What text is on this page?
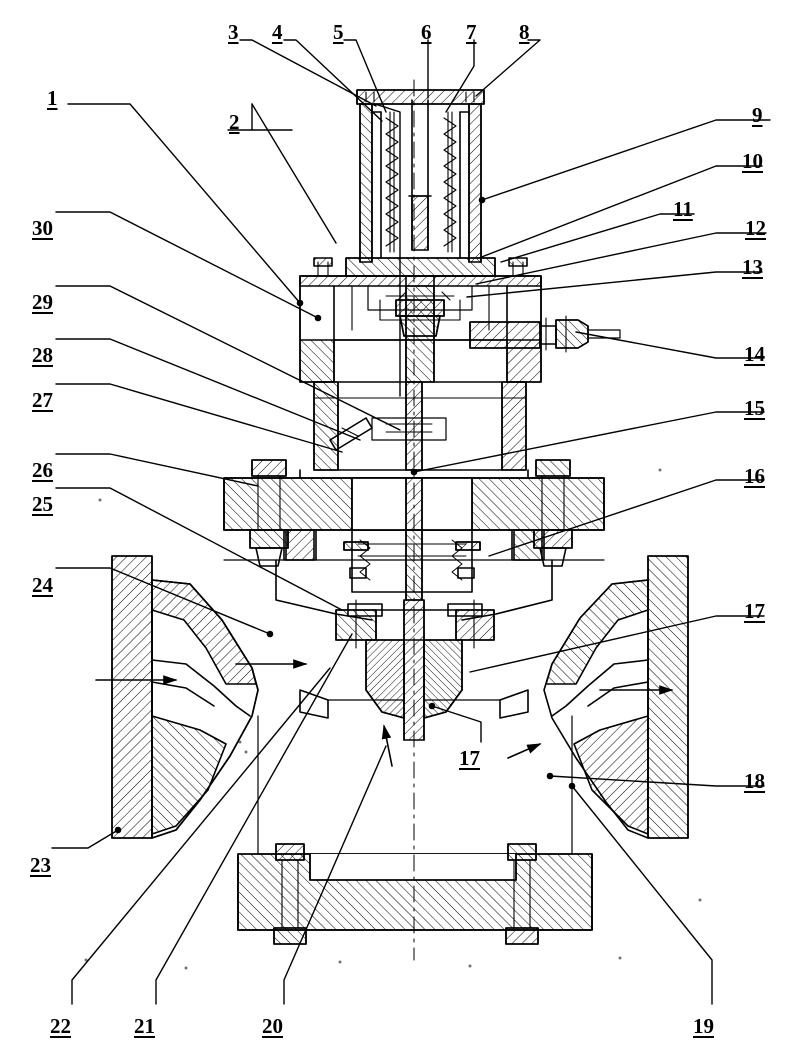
1
2
3 4 5	6 7 8
9
10
11
12
13
14
15
16
17
17
18
19
20
21
22
23
24
25
26
27
28
29
30
